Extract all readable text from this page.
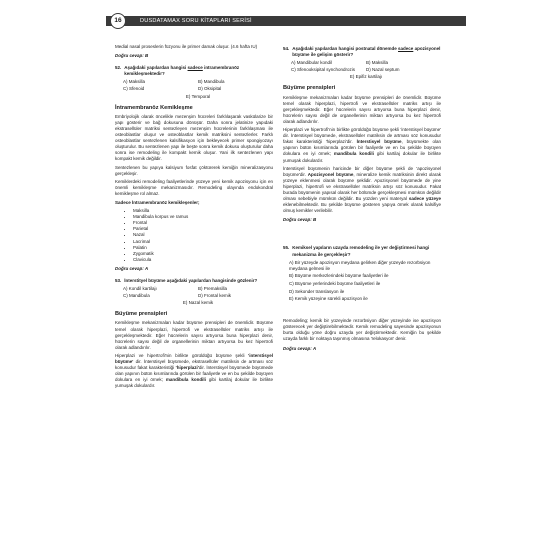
16	DUSDATAMAX SORU KİTAPLARI SERİSİ

Medial nasal proseslerin füzyonu ile primer damak oluşur. (4.6 hafta IU)

Doğru cevap: B
52. Aşağıdaki yapılardan hangisi sadece intramembranöz kemikleşmektedir?
A) Maksilla	B) Mandibula
C) Sfenoid	D) Oksipital
E) Temporal
İntramembranöz Kemikleşme

Embriyolojik olarak öncelikle mezenşim hücreleri farklılaşarak vaskülarize bir yapı gösterir ve bağ dokusuna dönüşür. Daha sonra jelatinize yapıdaki ekstrasellüler matriksi sentezleyen mezenşim hücrelerinin farklılaşması ile osteoblastlar oluşur ve osteoblastlar kemik matriksini sentezlerler. Farklı osteoblastlar sentezlenen kalsifikasyon için bekleyecek primer spongiyozayı oluşturulur. Bu sentezlenen yapı ile beşte sonra kemik dokusu oluşturulur daha sonra ise remodeling ile kompakt kemik oluşur. Yani ilk sentezlenen yapı kompakt kemik değildir.

Sentezlenen bu yapıya kalsiyum fosfat çöktürerek kemiğin mineralizasyonu gerçekleşir.

Kemiklerdeki remodeling faaliyetlerinde yüzeye yeni kemik apozisyonu için en önemli kemikleşme mekanizmasıdır. Remodeling olayında endokondral kemikleşme rol almaz.

Sadece İntramembranöz kemikleşenler;
• Maksilla
• Mandibula korpus ve ramus
• Frontal
• Parietal
• Nazal
• Lacrimal
• Palatin
• Zygomatik
• Clavicula
Doğru cevap: A
53. İnterstityel büyüme aşağıdaki yapılardan hangisinde gözlenir?
A) Kondil kartilajı	B) Premaksilla
C) Mandibula	D) Frontal kemik
E) Nazal kemik
Büyüme prensipleri

Kemikleşme mekanizmaları kadar büyüme prensipleri de önemlidir. Büyüme temel olarak hiperplazi, hipertrofi ve ekstrasellüler matriks artışı ile gerçekleşmektedir. Eğer hücrelerin sayısı artıyorsa buna hiperplazi denir, hücrelerin sayısı değil de organellerinin miktarı artıyorsa bu kez hipertrofi olarak adlandırılır.

Hiperplazi ve hipertrofi'nin birlikte görüldüğü büyüme şekli 'interstisyel büyüme' dir. İnterstisyel büyümede, ekstrasellüler matriksin de artması söz konusudur fakat karakteristiği 'hiperplazi'dir. İnterstisyel büyümede büyümede olan yapının bütün kısımlarında görülen bir faaliyetle ve en bu şekilde büyüyen dokulara en iyi örnek; mandibula kondili gibi kartilaj dokular ile birlikte yumuşak dokulardır.

54. Aşağıdaki yapılardan hangisi postnatal dönemde sadece apozisyonel büyüme ile gelişim gösterir?
A) Mandibular kondil	B) Maksilla
C) Sfenooksipital synchondrozis	D) Nazal septum
E) Epifiz kartilajı
Büyüme prensipleri

Kemikleşme mekanizmaları kadar büyüme prensipleri de önemlidir. Büyüme temel olarak hiperplazi, hipertrofi ve ekstrasellüler matriks artışı ile gerçekleşmektedir. Eğer hücrelerin sayısı artıyorsa buna hiperplazi denir, hücrelerin sayısı değil de organellerinin miktarı artıyorsa bu kez hipertrofi olarak adlandırılır.

Hiperplazi ve hipertrofi'nin birlikte görüldüğü büyüme şekli 'interstisyel büyüme' dir. İnterstisyel büyümede, ekstrasellüler matriksin de artması söz konusudur fakat karakteristiği 'hiperplazi'dir. İnterstisyel büyüme, büyümekte olan yapının bütün kısımlarında görülen bir faaliyetle ve en bu şekilde büyüyen dokulara en iyi örnek; mandibula kondili gibi kartilaj dokular ile birlikte yumuşak dokulardır.

İnterstisyel büyümenin haricinde bir diğer büyüme şekli de 'apozisyonel büyüme'dir. Apozisyonel büyüme, mineralize kemik matriksinin direkt olarak yüzeye eklenmesi olarak büyüme şeklidir. Apozisyonel büyümede de yine hiperplazi, hipertrofi ve ekstrasellüler matriksin artışı söz konusudur. Fakat burada büyümenin yapısal olarak her bölümde gerçekleşmesi mümkün değildir olması sebebiyle mümkün değildir. Bu yüzden yeni materyal sadece yüzeye eklenebilmektedir. Bu şekilde büyüme gösteren yapıya örnek olarak kalsifiye olmuş kemikler verilebilir.

Doğru cevap: B
55. Kemiksel yapıların uzayda remodeling ile yer değiştirmesi hangi mekanizma ile gerçekleşir?
A) Bir yüzeyde apozisyon meydana gelirken diğer yüzeyde rezorbsiyon meydana gelmesi ile
B) Büyüme merkezlerindeki büyüme faaliyetleri ile
C) Büyüme yerlerindeki büyüme faaliyetleri ile
D) Sekonder translasyon ile
E) Kemik yüzeyine sürekli apozisyon ile

Remodeling; kemik bir yüzeyinde rezorbsiyon diğer yüzeyinde ise apozisyon gösterecek yer değiştirebilmektedir. Kemik remodeling sayesinde apozisyonun burta olduğu yöne doğru uzayda yer değiştirmektedir. Kemiğin bu şekilde uzayda farklı bir noktaya taşınmış olmasına 'relokasyon' denir.

Doğru cevap: A
